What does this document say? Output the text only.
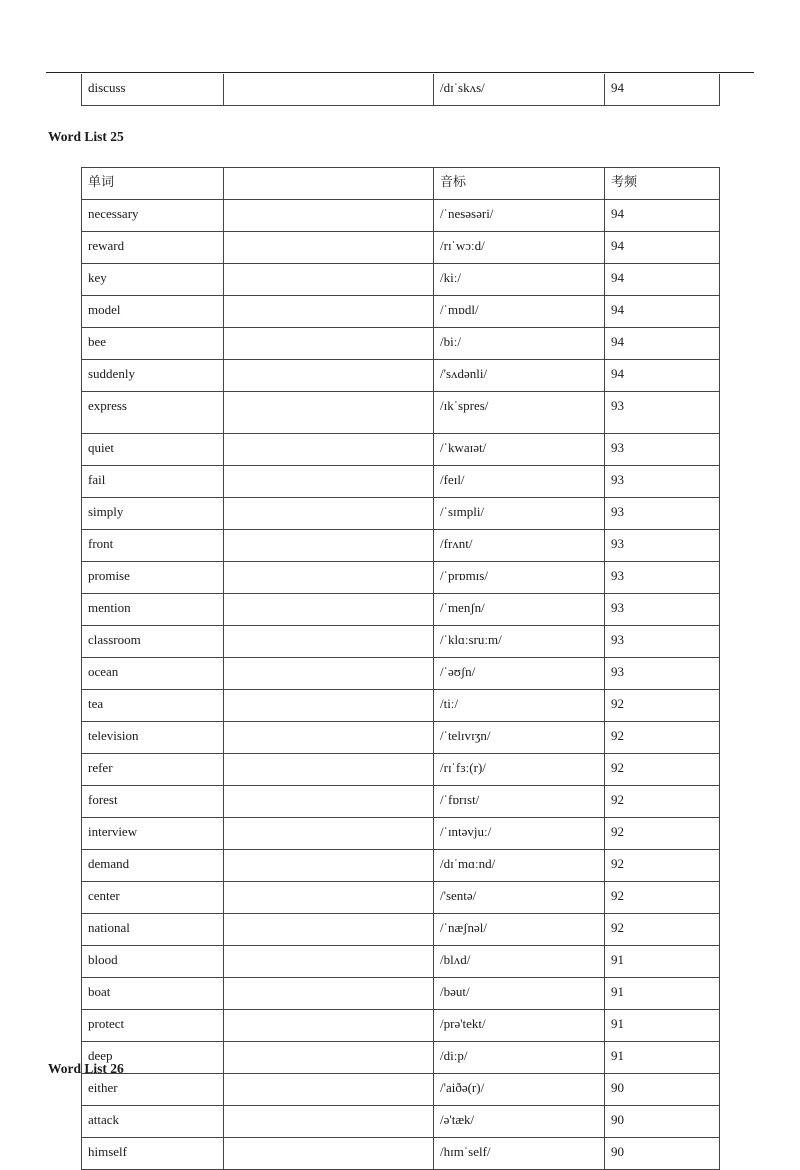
discuss		/dɪˈskʌs/	94
Word List 25
单词		音标	考频
necessary		/ˈnesəsəri/	94
reward		/rɪˈwɔːd/	94
key		/kiː/	94
model		/ˈmɒdl/	94
bee		/biː/	94
suddenly		/'sʌdənli/	94
express		/ɪkˈspres/	93
quiet		/ˈkwaɪət/	93
fail		/feɪl/	93
simply		/ˈsɪmpli/	93
front		/frʌnt/	93
promise		/ˈprɒmɪs/	93
mention		/ˈmenʃn/	93
classroom		/ˈklɑːsruːm/	93
ocean		/ˈəʊʃn/	93
tea		/tiː/	92
television		/ˈtelɪvɪʒn/	92
refer		/rɪˈfɜː(r)/	92
forest		/ˈfɒrɪst/	92
interview		/ˈɪntəvjuː/	92
demand		/dɪˈmɑːnd/	92
center		/'sentə/	92
national		/ˈnæʃnəl/	92
blood		/blʌd/	91
boat		/bəut/	91
protect		/prə'tekt/	91
deep		/diːp/	91
either		/'aiðə(r)/	90
attack		/ə'tæk/	90
himself		/hɪmˈself/	90
Word List 26
